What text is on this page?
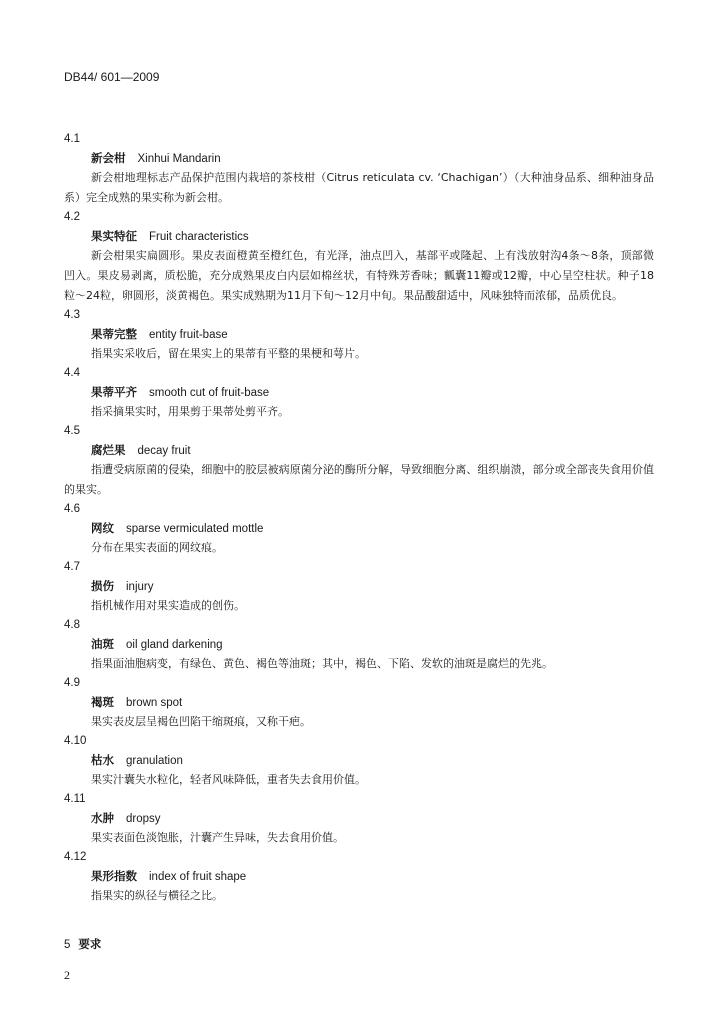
DB44/ 601—2009
4.1
新会柑 Xinhui Mandarin

新会柑地理标志产品保护范围内栽培的茶枝柑（Citrus reticulata cv. ‘Chachigan’）（大种油身品系、细种油身品系）完全成熟的果实称为新会柑。

4.2
果实特征 Fruit characteristics

新会柑果实扁圆形。果皮表面橙黄至橙红色，有光泽，油点凹入，基部平或隆起、上有浅放射沟4条～8条，顶部微凹入。果皮易剥离，质松脆，充分成熟果皮白内层如棉丝状，有特殊芳香味；瓤囊11瓣或12瓣，中心呈空柱状。种子18粒～24粒，卵圆形，淡黄褐色。果实成熟期为11月下旬～12月中旬。果品酸甜适中，风味独特而浓郁，品质优良。

4.3
果蒂完整 entity fruit-base

指果实采收后，留在果实上的果蒂有平整的果梗和萼片。

4.4
果蒂平齐 smooth cut of fruit-base

指采摘果实时，用果剪于果蒂处剪平齐。

4.5
腐烂果 decay fruit

指遭受病原菌的侵染，细胞中的胶层被病原菌分泌的酶所分解，导致细胞分离、组织崩溃，部分或全部丧失食用价值的果实。

4.6
网纹 sparse vermiculated mottle

分布在果实表面的网纹痕。

4.7
损伤 injury

指机械作用对果实造成的创伤。

4.8
油斑 oil gland darkening

指果面油胞病变，有绿色、黄色、褐色等油斑；其中，褐色、下陷、发软的油斑是腐烂的先兆。

4.9
褐斑 brown spot

果实表皮层呈褐色凹陷干缩斑痕，又称干疤。

4.10
枯水 granulation

果实汁囊失水粒化，轻者风味降低，重者失去食用价值。

4.11
水肿 dropsy

果实表面色淡饱胀，汁囊产生异味，失去食用价值。

4.12
果形指数 index of fruit shape

指果实的纵径与横径之比。

5 要求
2
